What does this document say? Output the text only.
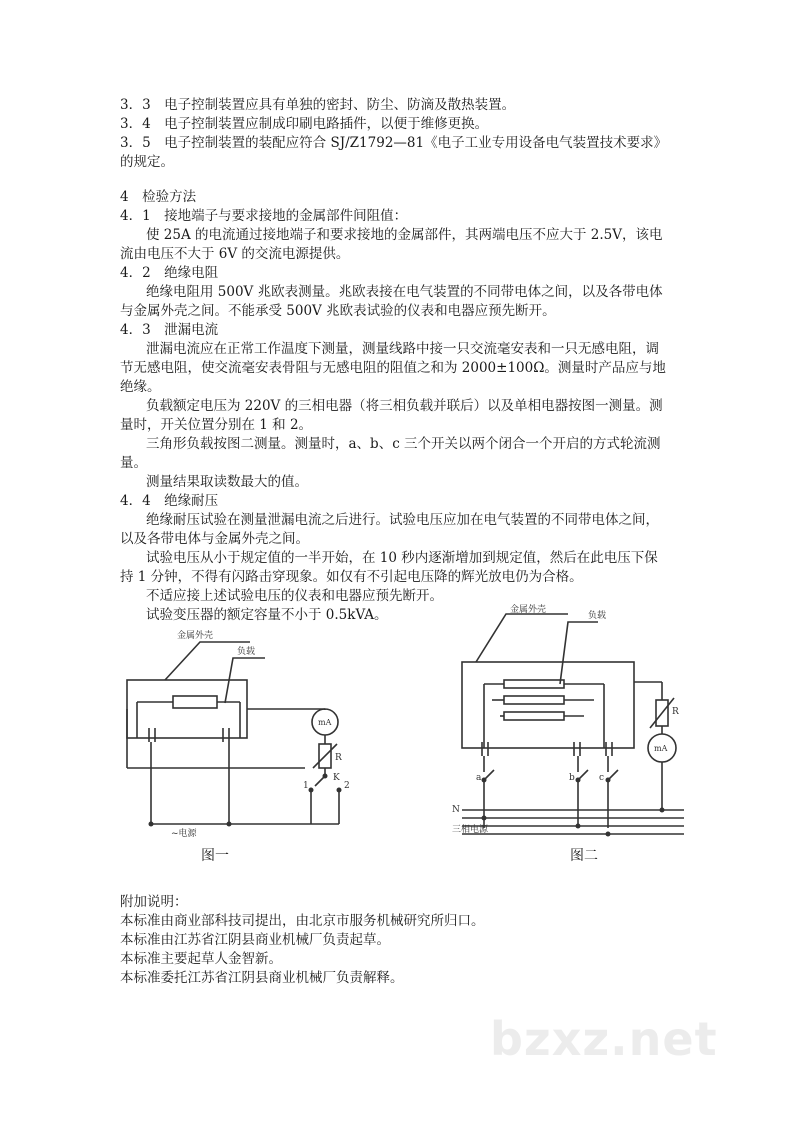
3．3　电子控制装置应具有单独的密封、防尘、防滴及散热装置。
3．4　电子控制装置应制成印刷电路插件，以便于维修更换。
3．5　电子控制装置的装配应符合 SJ/Z1792—81《电子工业专用设备电气装置技术要求》
的规定。
4　检验方法
4．1　接地端子与要求接地的金属部件间阻值：
使 25A 的电流通过接地端子和要求接地的金属部件，其两端电压不应大于 2.5V，该电
流由电压不大于 6V 的交流电源提供。
4．2　绝缘电阻
绝缘电阻用 500V 兆欧表测量。兆欧表接在电气装置的不同带电体之间，以及各带电体
与金属外壳之间。不能承受 500V 兆欧表试验的仪表和电器应预先断开。
4．3　泄漏电流
泄漏电流应在正常工作温度下测量，测量线路中接一只交流毫安表和一只无感电阻，调
节无感电阻，使交流毫安表骨阻与无感电阻的阻值之和为 2000±100Ω。测量时产品应与地
绝缘。
负载额定电压为 220V 的三相电器（将三相负载并联后）以及单相电器按图一测量。测
量时，开关位置分别在 1 和 2。
三角形负载按图二测量。测量时，a、b、c 三个开关以两个闭合一个开启的方式轮流测
量。
测量结果取读数最大的值。
4．4　绝缘耐压
绝缘耐压试验在测量泄漏电流之后进行。试验电压应加在电气装置的不同带电体之间，
以及各带电体与金属外壳之间。
试验电压从小于规定值的一半开始，在 10 秒内逐渐增加到规定值，然后在此电压下保
持 1 分钟，不得有闪路击穿现象。如仅有不引起电压降的辉光放电仍为合格。
不适应接上述试验电压的仪表和电器应预先断开。
试验变压器的额定容量不小于 0.5kVA。
金属外壳
负载
mA
R
K
1	2
~电源
图一
金属外壳
负载
R
mA
a	b	c
N
三相电源
图二
附加说明：
本标准由商业部科技司提出，由北京市服务机械研究所归口。
本标准由江苏省江阴县商业机械厂负责起草。
本标准主要起草人金智新。
本标准委托江苏省江阴县商业机械厂负责解释。
bzxz.net
